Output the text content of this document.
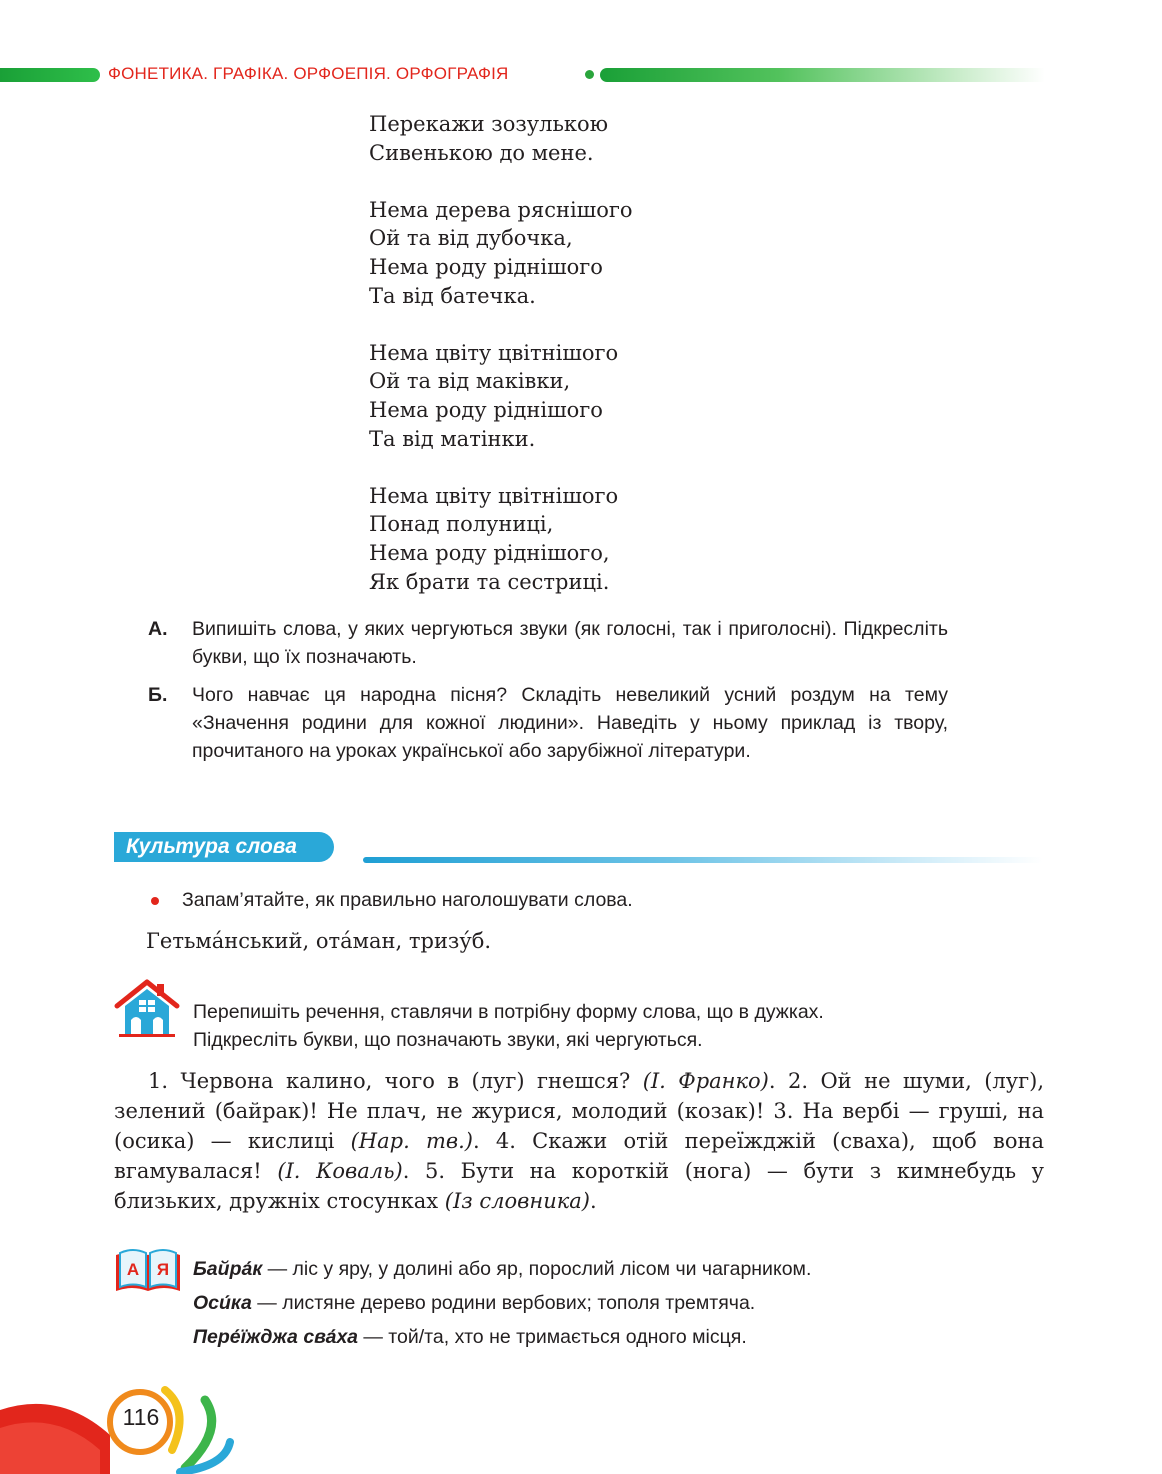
ФОНЕТИКА. ГРАФІКА. ОРФОЕПІЯ. ОРФОГРАФІЯ
Перекажи зозулькою
Сивенькою до мене.
Нема дерева ряснішого
Ой та від дубочка,
Нема роду ріднішого
Та від батечка.
Нема цвіту цвітнішого
Ой та від маківки,
Нема роду ріднішого
Та від матінки.
Нема цвіту цвітнішого
Понад полуниці,
Нема роду ріднішого,
Як брати та сестриці.
А. Випишіть слова, у яких чергуються звуки (як голосні, так і приголосні). Підкресліть букви, що їх позначають.
Б. Чого навчає ця народна пісня? Складіть невеликий усний роздум на тему «Значення родини для кожної людини». Наведіть у ньому приклад із твору, прочитаного на уроках української або зарубіжної літератури.
Культура слова
Запам’ятайте, як правильно наголошувати слова.
Гетьма́нський, ота́ман, тризу́б.
Перепишіть речення, ставлячи в потрібну форму слова, що в дужках.
Підкресліть букви, що позначають звуки, які чергуються.

1. Червона калино, чого в (луг) гнешся? (І. Франко). 2. Ой не шуми, (луг), зелений (байрак)! Не плач, не журися, молодий (козак)! 3. На вербі — груші, на (осика) — кислиці (Нар. тв.). 4. Скажи отій переїжджій (сваха), щоб вона вгамувалася! (І. Коваль). 5. Бути на короткій (нога) — бути з кимнебудь у близьких, дружніх стосунках (Із словника).

А Я Байра́к — ліс у яру, у долині або яр, порослий лісом чи чагарником.
Оси́ка — листяне дерево родини вербових; тополя тремтяча.
Пере́їжджа сва́ха — той/та, хто не тримається одного місця.
116
